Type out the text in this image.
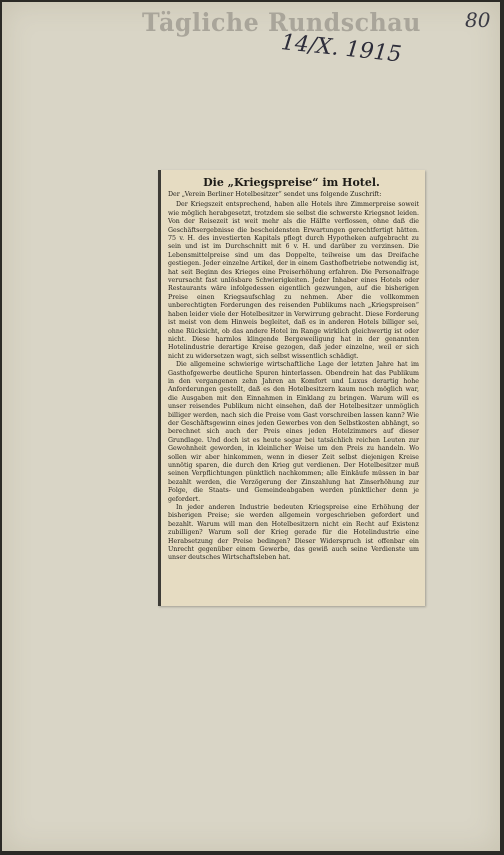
Tägliche Rundschau 80
14/X. 1915
Die „Kriegspreise“ im Hotel.
Der „Verein Berliner Hotelbesitzer“ sendet uns folgende Zuschrift:

Der Kriegszeit entsprechend, haben alle Hotels ihre Zimmerpreise soweit wie möglich herabgesetzt, trotzdem sie selbst die schwerste Kriegsnot leiden. Von der Reisezeit ist weit mehr als die Hälfte verflossen, ohne daß die Geschäftsergebnisse die bescheidensten Erwartungen gerechtfertigt hätten. 75 v. H. des investierten Kapitals pflegt durch Hypotheken aufgebracht zu sein und ist im Durchschnitt mit 6 v. H. und darüber zu verzinsen. Die Lebensmittelpreise sind um das Doppelte, teilweise um das Dreifache gestiegen. Jeder einzelne Artikel, der in einem Gasthofbetriebe notwendig ist, hat seit Beginn des Krieges eine Preiserhöhung erfahren. Die Personalfrage verursacht fast unlösbare Schwierigkeiten. Jeder Inhaber eines Hotels oder Restaurants wäre infolgedessen eigentlich gezwungen, auf die bisherigen Preise einen Kriegsaufschlag zu nehmen. Aber die vollkommen unberechtigten Forderungen des reisenden Publikums nach „Kriegspreisen“ haben leider viele der Hotelbesitzer in Verwirrung gebracht. Diese Forderung ist meist von dem Hinweis begleitet, daß es in anderen Hotels billiger sei, ohne Rücksicht, ob das andere Hotel im Range wirklich gleichwertig ist oder nicht. Diese harmlos klingende Bergeweiligung hat in der genannten Hotelindustrie derartige Kreise gezogen, daß jeder einzelne, weil er sich nicht zu widersetzen wagt, sich selbst wissentlich schädigt.

Die allgemeine schwierige wirtschaftliche Lage der letzten Jahre hat im Gasthofgewerbe deutliche Spuren hinterlassen. Obendrein hat das Publikum in den vergangenen zehn Jahren an Komfort und Luxus derartig hohe Anforderungen gestellt, daß es den Hotelbesitzern kaum noch möglich war, die Ausgaben mit den Einnahmen in Einklang zu bringen. Warum will es unser reisendes Publikum nicht einsehen, daß der Hotelbesitzer unmöglich billiger werden, nach sich die Preise vom Gast vorschreiben lassen kann? Wie der Geschäftsgewinn eines jeden Gewerbes von den Selbstkosten abhängt, so berechnet sich auch der Preis eines jeden Hotelzimmers auf dieser Grundlage. Und doch ist es heute sogar bei tatsächlich reichen Leuten zur Gewohnheit geworden, in kleinlicher Weise um den Preis zu handeln. Wo sollen wir aber hinkommen, wenn in dieser Zeit selbst diejenigen Kreise unnötig sparen, die durch den Krieg gut verdienen. Der Hotelbesitzer muß seinen Verpflichtungen pünktlich nachkommen; alle Einkäufe müssen in bar bezahlt werden, die Verzögerung der Zinszahlung hat Zinserhöhung zur Folge, die Staats- und Gemeindeabgaben werden pünktlicher denn je gefordert.

In jeder anderen Industrie bedeuten Kriegspreise eine Erhöhung der bisherigen Preise; sie werden allgemein vorgeschrieben gefordert und bezahlt. Warum will man den Hotelbesitzern nicht ein Recht auf Existenz zubilligen? Warum soll der Krieg gerade für die Hotelindustrie eine Herabsetzung der Preise bedingen? Dieser Widerspruch ist offenbar ein Unrecht gegenüber einem Gewerbe, das gewiß auch seine Verdienste um unser deutsches Wirtschaftsleben hat.
